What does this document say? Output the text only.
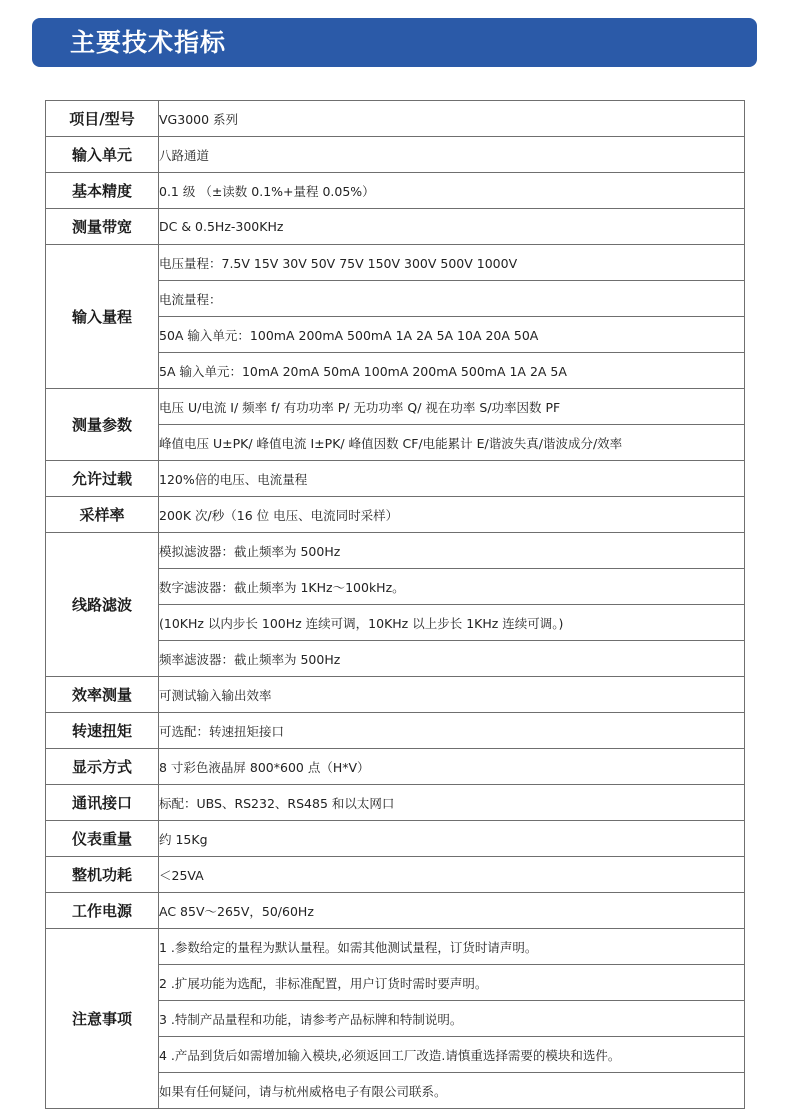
主要技术指标
项目/型号	VG3000 系列
输入单元	八路通道
基本精度	0.1 级 （±读数 0.1%+量程 0.05%）
测量带宽	DC & 0.5Hz-300KHz
输入量程	电压量程：7.5V 15V 30V 50V 75V 150V 300V 500V 1000V
	电流量程：
	50A 输入单元：100mA 200mA 500mA 1A 2A 5A 10A 20A 50A
	5A 输入单元：10mA 20mA 50mA 100mA 200mA 500mA 1A 2A 5A
测量参数	电压 U/电流 I/ 频率 f/ 有功功率 P/ 无功功率 Q/ 视在功率 S/功率因数 PF
	峰值电压 U±PK/ 峰值电流 I±PK/ 峰值因数 CF/电能累计 E/谐波失真/谐波成分/效率
允许过载	120%倍的电压、电流量程
采样率	200K 次/秒（16 位 电压、电流同时采样）
线路滤波	模拟滤波器：截止频率为 500Hz
	数字滤波器：截止频率为 1KHz～100kHz。
	(10KHz 以内步长 100Hz 连续可调，10KHz 以上步长 1KHz 连续可调。)
	频率滤波器：截止频率为 500Hz
效率测量	可测试输入输出效率
转速扭矩	可选配：转速扭矩接口
显示方式	8 寸彩色液晶屏 800*600 点（H*V）
通讯接口	标配：UBS、RS232、RS485 和以太网口
仪表重量	约 15Kg
整机功耗	＜25VA
工作电源	AC 85V～265V，50/60Hz
注意事项	1 .参数给定的量程为默认量程。如需其他测试量程，订货时请声明。
	2 .扩展功能为选配，非标准配置，用户订货时需时要声明。
	3 .特制产品量程和功能，请参考产品标牌和特制说明。
	4 .产品到货后如需增加输入模块,必须返回工厂改造.请慎重选择需要的模块和选件。
	如果有任何疑问，请与杭州威格电子有限公司联系。
